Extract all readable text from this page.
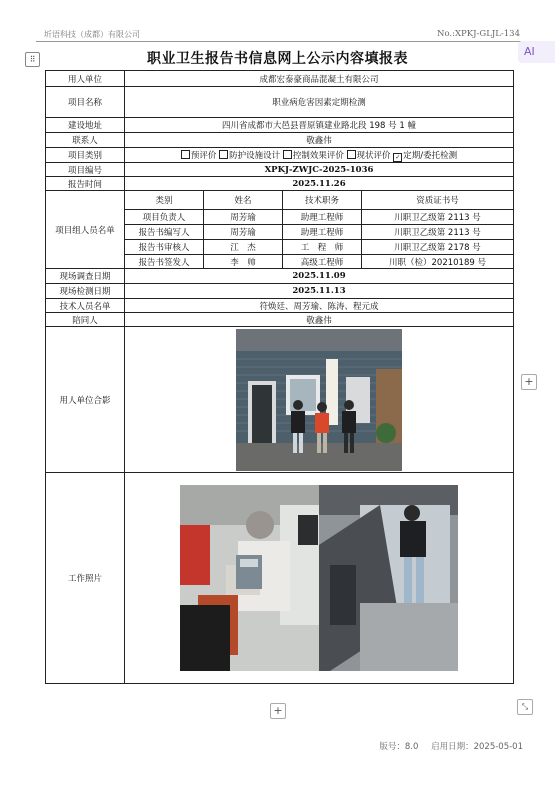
圻语科技（成都）有限公司	No.:XPKJ-GLJL-134
AI
⠿	职业卫生报告书信息网上公示内容填报表
用人单位	成都宏泰豪商品混凝土有限公司			
项目名称	职业病危害因素定期检测			
建设地址	四川省成都市大邑县晋原镇建业路北段 198 号 1 幢			
联系人	敬鑫伟			
项目类别	预评价 防护设施设计 控制效果评价 现状评价 ✓ 定期/委托检测			
项目编号	XPKJ-ZWJC-2025-1036			
报告时间	2025.11.26			
项目组人员名单	类别	姓名	技术职务	资质证书号
	项目负责人	周芳瑜	助理工程师	川职卫乙级第 2113 号
	报告书编写人	周芳瑜	助理工程师	川职卫乙级第 2113 号
	报告书审核人	江　杰	工　程　师	川职卫乙级第 2178 号
	报告书签发人	李　帅	高级工程师	川职（检）20210189 号
现场调查日期	2025.11.09			
现场检测日期	2025.11.13			
技术人员名单	符焕廷、周芳瑜、陈涛、程元成			
陪同人	敬鑫伟			
用人单位合影	

工作照片	
+
+	⤡
版号：8.0 启用日期：2025-05-01
